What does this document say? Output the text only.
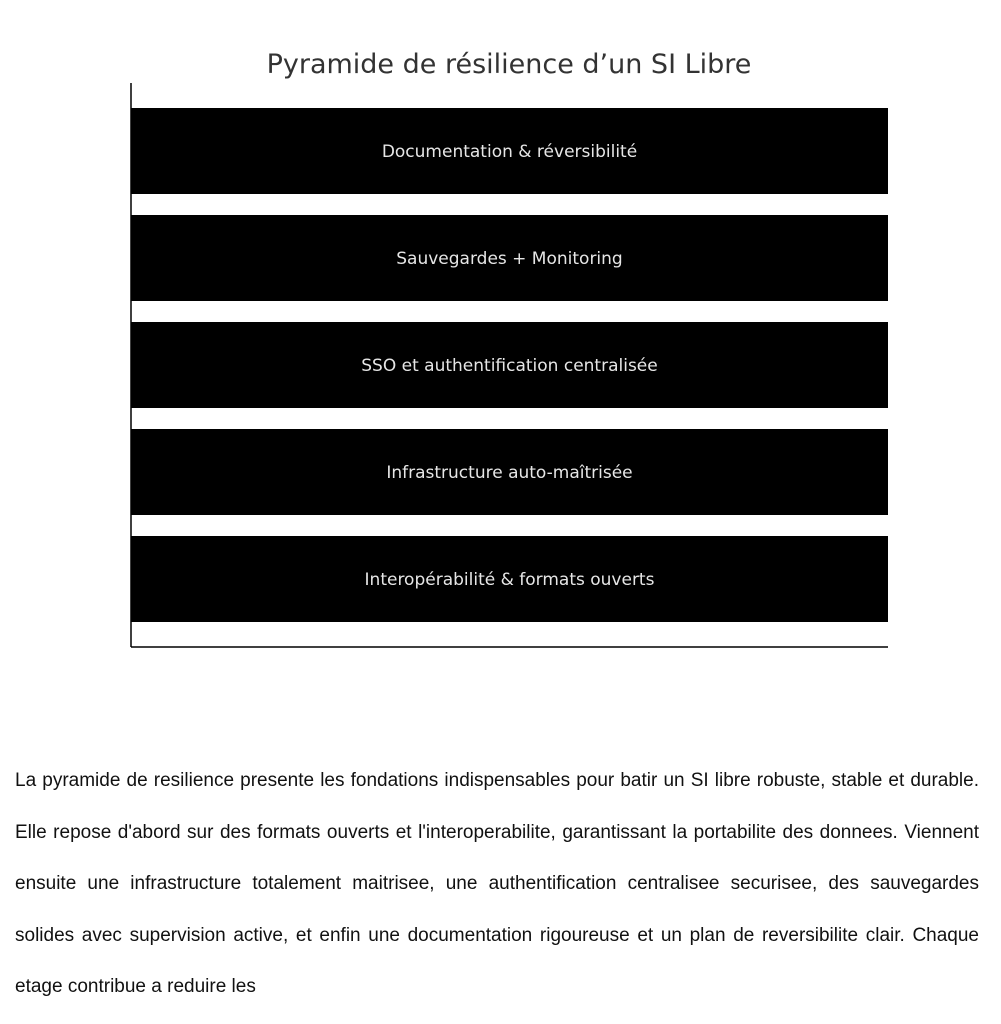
Pyramide de résilience d’un SI Libre
Documentation & réversibilité
Sauvegardes + Monitoring
SSO et authentification centralisée
Infrastructure auto-maîtrisée
Interopérabilité & formats ouverts

La pyramide de resilience presente les fondations indispensables pour batir un SI libre robuste, stable et durable. Elle repose d'abord sur des formats ouverts et l'interoperabilite, garantissant la portabilite des donnees. Viennent ensuite une infrastructure totalement maitrisee, une authentification centralisee securisee, des sauvegardes solides avec supervision active, et enfin une documentation rigoureuse et un plan de reversibilite clair. Chaque etage contribue a reduire les
